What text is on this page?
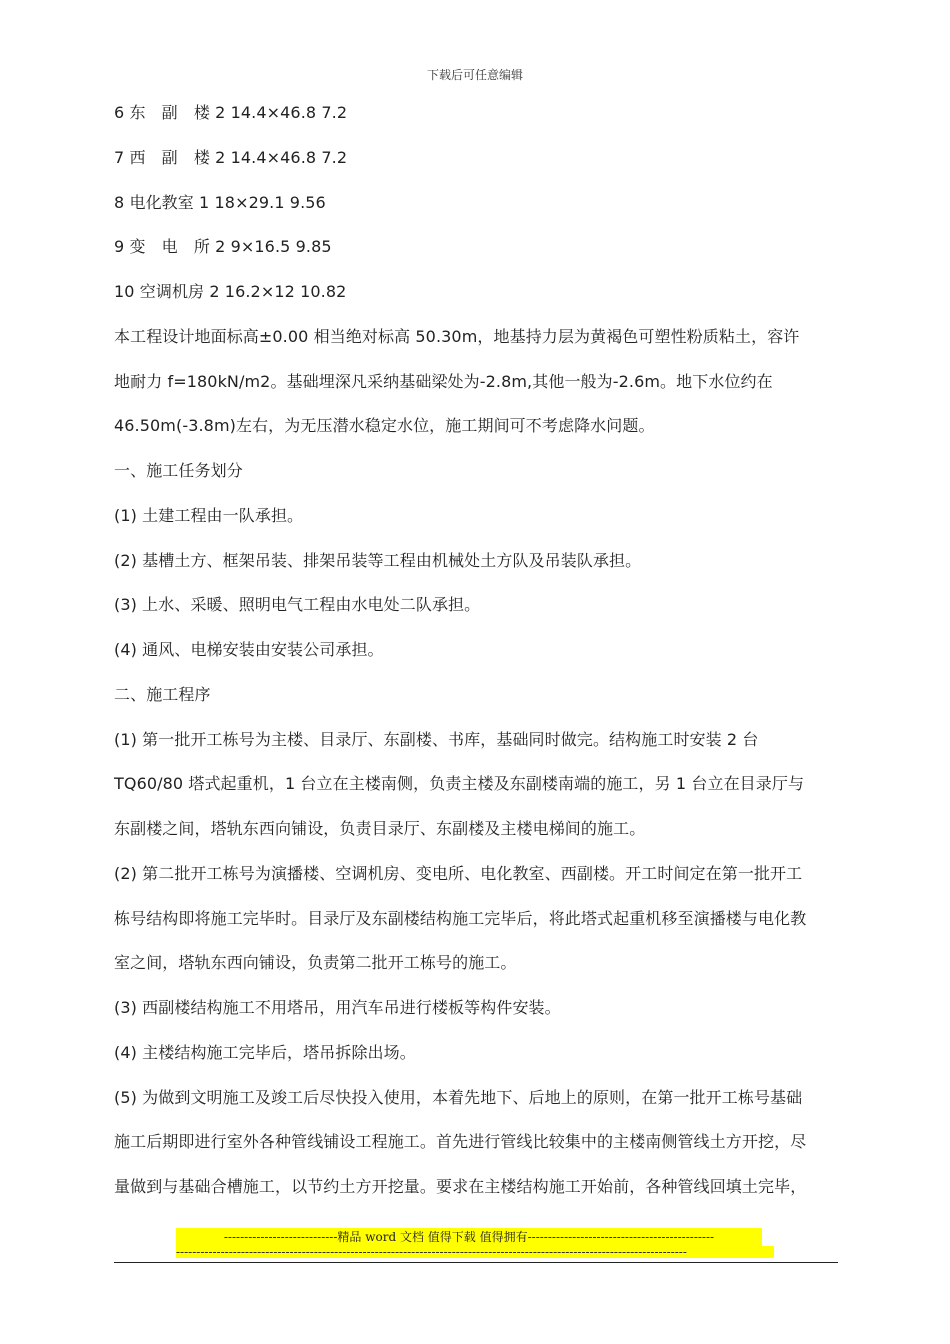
下载后可任意编辑
6 东　副　楼 2 14.4×46.8 7.2
7 西　副　楼 2 14.4×46.8 7.2
8 电化教室 1 18×29.1 9.56
9 变　电　所 2 9×16.5 9.85
10 空调机房 2 16.2×12 10.82
本工程设计地面标高±0.00 相当绝对标高 50.30m，地基持力层为黄褐色可塑性粉质粘土，容许
地耐力 f=180kN/m2。基础埋深凡采纳基础梁处为-2.8m,其他一般为-2.6m。地下水位约在
46.50m(-3.8m)左右，为无压潜水稳定水位，施工期间可不考虑降水问题。
一、施工任务划分
(1) 土建工程由一队承担。
(2) 基槽土方、框架吊装、排架吊装等工程由机械处土方队及吊装队承担。
(3) 上水、采暖、照明电气工程由水电处二队承担。
(4) 通风、电梯安装由安装公司承担。
二、施工程序
(1) 第一批开工栋号为主楼、目录厅、东副楼、书库，基础同时做完。结构施工时安装 2 台
TQ60/80 塔式起重机，1 台立在主楼南侧，负责主楼及东副楼南端的施工，另 1 台立在目录厅与
东副楼之间，塔轨东西向铺设，负责目录厅、东副楼及主楼电梯间的施工。
(2) 第二批开工栋号为演播楼、空调机房、变电所、电化教室、西副楼。开工时间定在第一批开工
栋号结构即将施工完毕时。目录厅及东副楼结构施工完毕后，将此塔式起重机移至演播楼与电化教
室之间，塔轨东西向铺设，负责第二批开工栋号的施工。
(3) 西副楼结构施工不用塔吊，用汽车吊进行楼板等构件安装。
(4) 主楼结构施工完毕后，塔吊拆除出场。
(5) 为做到文明施工及竣工后尽快投入使用，本着先地下、后地上的原则，在第一批开工栋号基础
施工后期即进行室外各种管线铺设工程施工。首先进行管线比较集中的主楼南侧管线土方开挖，尽
量做到与基础合槽施工，以节约土方开挖量。要求在主楼结构施工开始前，各种管线回填土完毕，
----------------------------精品 word 文档 值得下载 值得拥有----------------------------------------------
------------------------------------------------------------------------------------------------------------------------------
